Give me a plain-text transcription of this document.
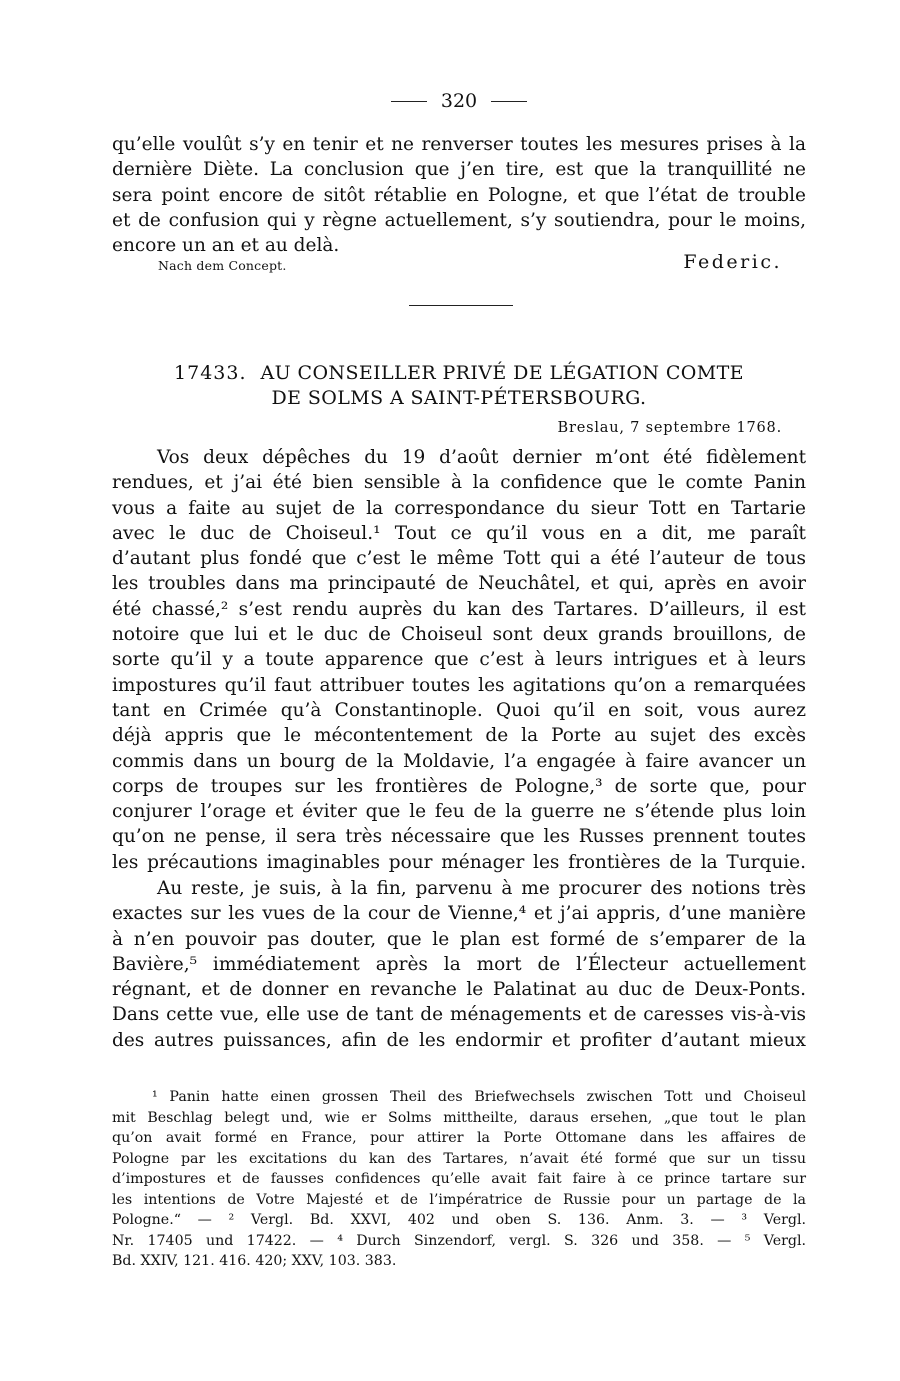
320
qu’elle voulût s’y en tenir et ne renverser toutes les mesures prises à la
dernière Diète. La conclusion que j’en tire, est que la tranquillité ne
sera point encore de sitôt rétablie en Pologne, et que l’état de trouble
et de confusion qui y règne actuellement, s’y soutiendra, pour le moins,
encore un an et au delà.
Nach dem Concept.	Federic.
17433. AU CONSEILLER PRIVÉ DE LÉGATION COMTE
DE SOLMS A SAINT-PÉTERSBOURG.
Breslau, 7 septembre 1768.
Vos deux dépêches du 19 d’août dernier m’ont été fidèlement
rendues, et j’ai été bien sensible à la confidence que le comte Panin
vous a faite au sujet de la correspondance du sieur Tott en Tartarie
avec le duc de Choiseul.¹ Tout ce qu’il vous en a dit, me paraît
d’autant plus fondé que c’est le même Tott qui a été l’auteur de tous
les troubles dans ma principauté de Neuchâtel, et qui, après en avoir
été chassé,² s’est rendu auprès du kan des Tartares. D’ailleurs, il est
notoire que lui et le duc de Choiseul sont deux grands brouillons, de
sorte qu’il y a toute apparence que c’est à leurs intrigues et à leurs
impostures qu’il faut attribuer toutes les agitations qu’on a remarquées
tant en Crimée qu’à Constantinople. Quoi qu’il en soit, vous aurez
déjà appris que le mécontentement de la Porte au sujet des excès
commis dans un bourg de la Moldavie, l’a engagée à faire avancer un
corps de troupes sur les frontières de Pologne,³ de sorte que, pour
conjurer l’orage et éviter que le feu de la guerre ne s’étende plus loin
qu’on ne pense, il sera très nécessaire que les Russes prennent toutes
les précautions imaginables pour ménager les frontières de la Turquie.
Au reste, je suis, à la fin, parvenu à me procurer des notions très
exactes sur les vues de la cour de Vienne,⁴ et j’ai appris, d’une manière
à n’en pouvoir pas douter, que le plan est formé de s’emparer de la
Bavière,⁵ immédiatement après la mort de l’Électeur actuellement
régnant, et de donner en revanche le Palatinat au duc de Deux-Ponts.
Dans cette vue, elle use de tant de ménagements et de caresses vis-à-vis
des autres puissances, afin de les endormir et profiter d’autant mieux
¹ Panin hatte einen grossen Theil des Briefwechsels zwischen Tott und Choiseul
mit Beschlag belegt und, wie er Solms mittheilte, daraus ersehen, „que tout le plan
qu’on avait formé en France, pour attirer la Porte Ottomane dans les affaires de
Pologne par les excitations du kan des Tartares, n’avait été formé que sur un tissu
d’impostures et de fausses confidences qu’elle avait fait faire à ce prince tartare sur
les intentions de Votre Majesté et de l’impératrice de Russie pour un partage de la
Pologne.“ — ² Vergl. Bd. XXVI, 402 und oben S. 136. Anm. 3. — ³ Vergl.
Nr. 17405 und 17422. — ⁴ Durch Sinzendorf, vergl. S. 326 und 358. — ⁵ Vergl.
Bd. XXIV, 121. 416. 420; XXV, 103. 383.
